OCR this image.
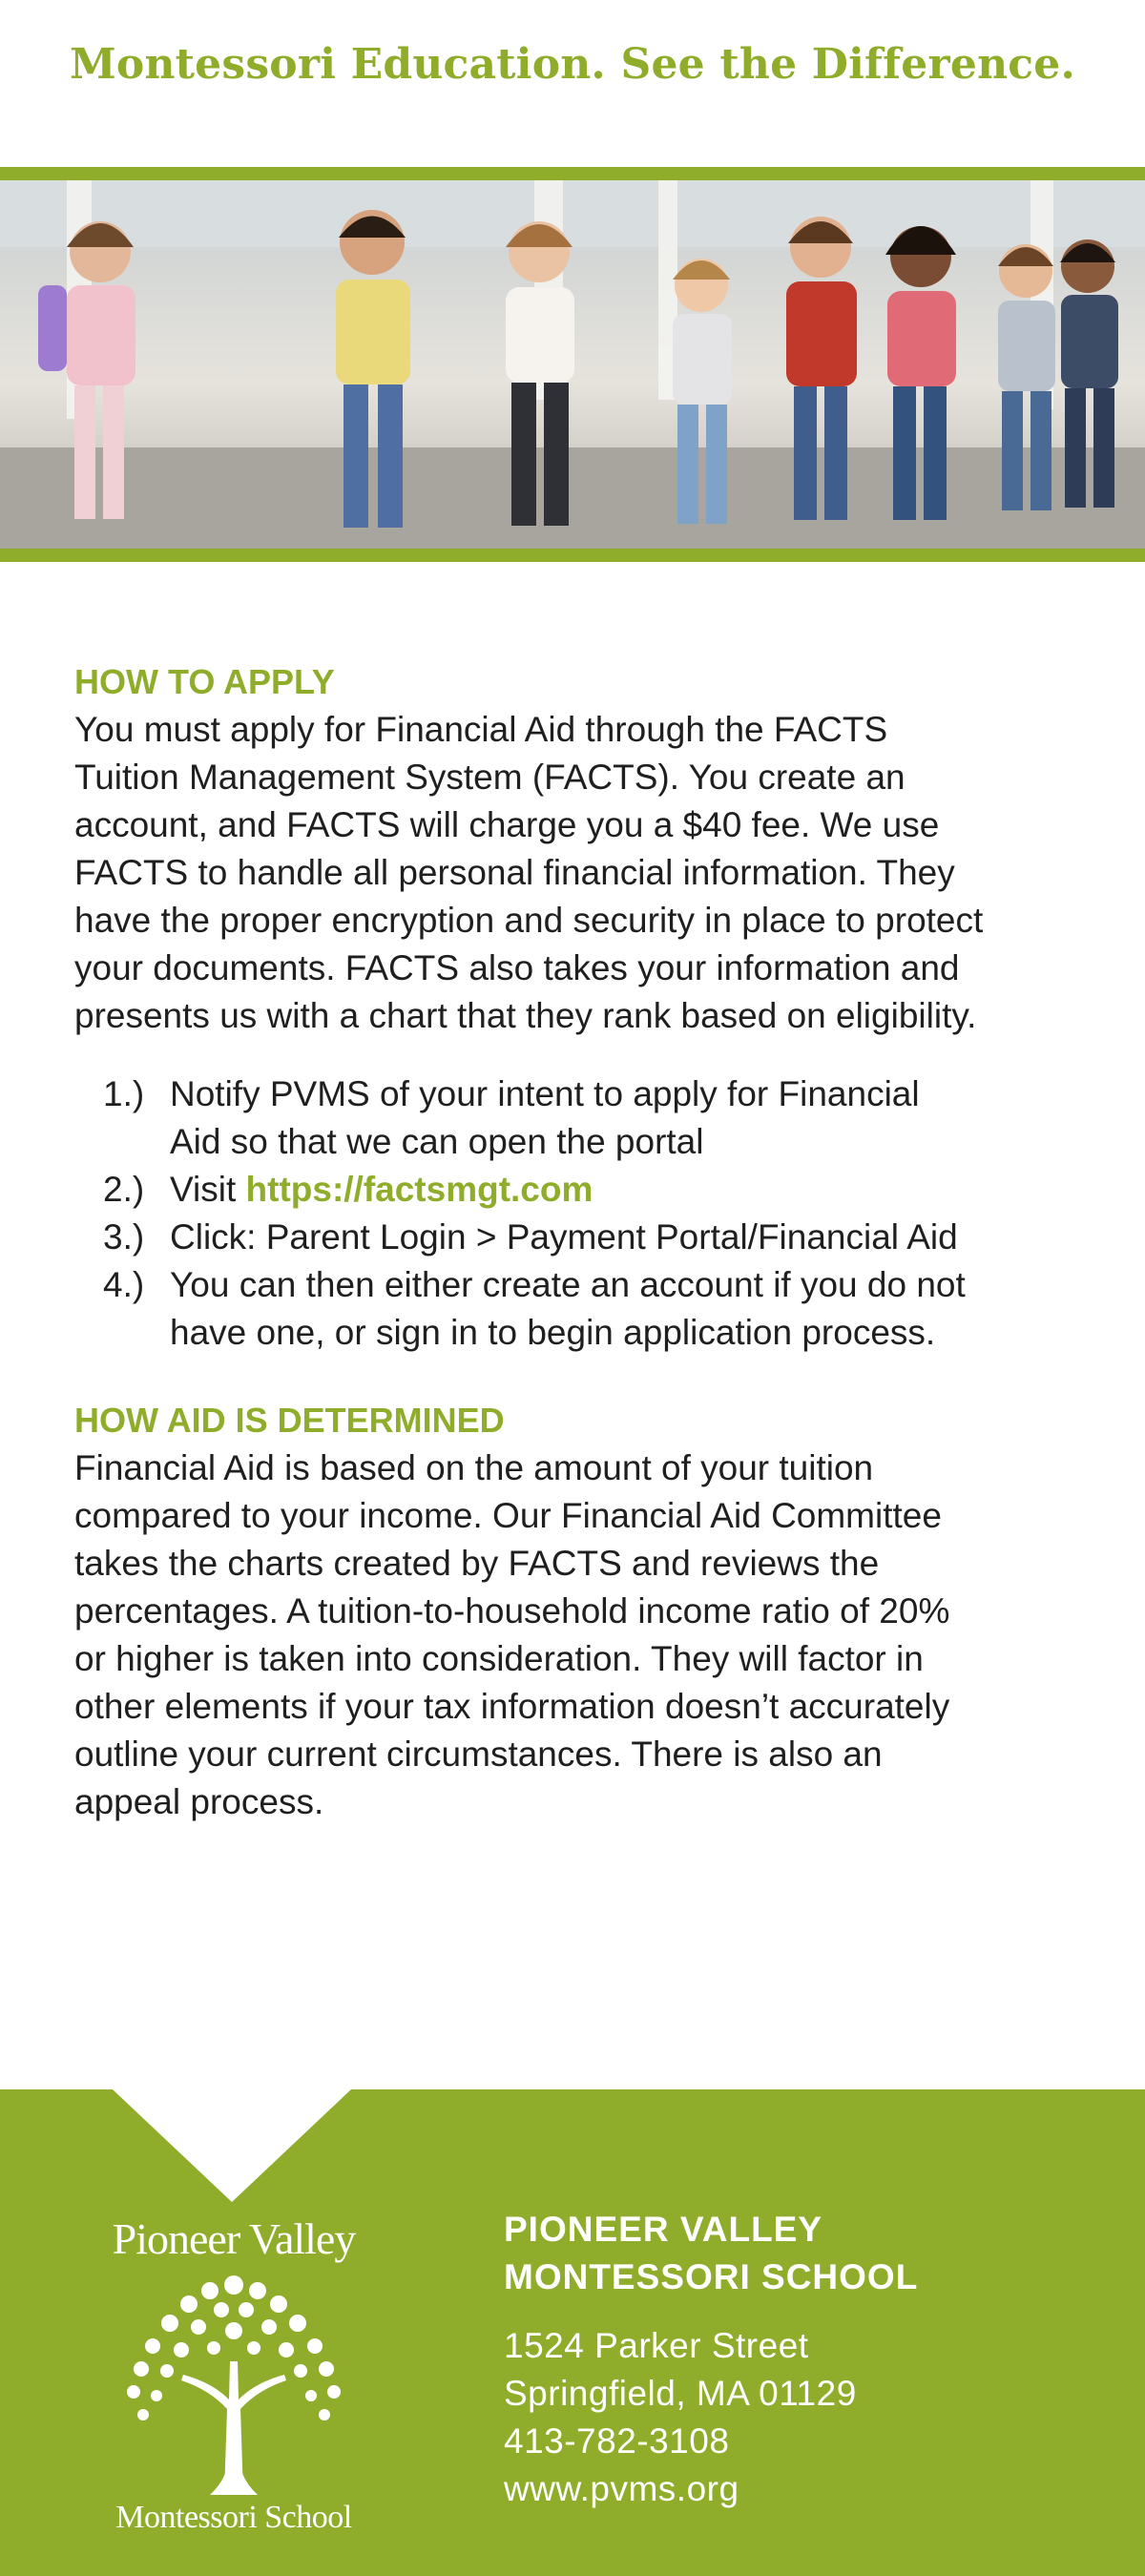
Montessori Education. See the Difference.
HOW TO APPLY

You must apply for Financial Aid through the FACTS

Tuition Management System (FACTS). You create an

account, and FACTS will charge you a $40 fee. We use

FACTS to handle all personal financial information. They

have the proper encryption and security in place to protect

your documents. FACTS also takes your information and

presents us with a chart that they rank based on eligibility.

1.) Notify PVMS of your intent to apply for Financial
Aid so that we can open the portal
2.) Visit https://factsmgt.com
3.) Click: Parent Login > Payment Portal/Financial Aid
4.) You can then either create an account if you do not
have one, or sign in to begin application process.
HOW AID IS DETERMINED

Financial Aid is based on the amount of your tuition

compared to your income. Our Financial Aid Committee

takes the charts created by FACTS and reviews the

percentages. A tuition-to-household income ratio of 20%

or higher is taken into consideration. They will factor in

other elements if your tax information doesn’t accurately

outline your current circumstances. There is also an

appeal process.

Pioneer Valley
Montessori School
PIONEER VALLEY
MONTESSORI SCHOOL
1524 Parker Street
Springfield, MA 01129
413-782-3108
www.pvms.org
